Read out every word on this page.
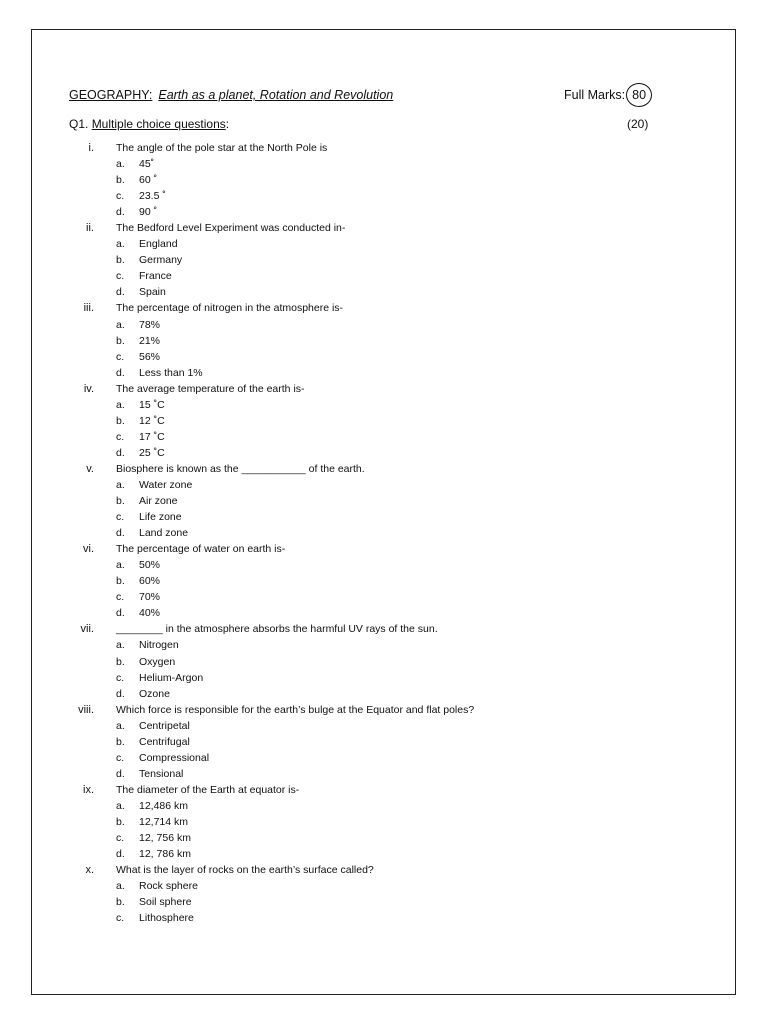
GEOGRAPHY: Earth as a planet, Rotation and Revolution	Full Marks: 80
Q1. Multiple choice questions:	(20)
i. The angle of the pole star at the North Pole is
a. 45˚
b. 60 ˚
c. 23.5 ˚
d. 90 ˚
ii. The Bedford Level Experiment was conducted in-
a. England
b. Germany
c. France
d. Spain
iii. The percentage of nitrogen in the atmosphere is-
a. 78%
b. 21%
c. 56%
d. Less than 1%
iv. The average temperature of the earth is-
a. 15 ˚C
b. 12 ˚C
c. 17 ˚C
d. 25 ˚C
v. Biosphere is known as the ___________ of the earth.
a. Water zone
b. Air zone
c. Life zone
d. Land zone
vi. The percentage of water on earth is-
a. 50%
b. 60%
c. 70%
d. 40%
vii. ________ in the atmosphere absorbs the harmful UV rays of the sun.
a. Nitrogen
b. Oxygen
c. Helium-Argon
d. Ozone
viii. Which force is responsible for the earth’s bulge at the Equator and flat poles?
a. Centripetal
b. Centrifugal
c. Compressional
d. Tensional
ix. The diameter of the Earth at equator is-
a. 12,486 km
b. 12,714 km
c. 12, 756 km
d. 12, 786 km
x. What is the layer of rocks on the earth’s surface called?
a. Rock sphere
b. Soil sphere
c. Lithosphere
